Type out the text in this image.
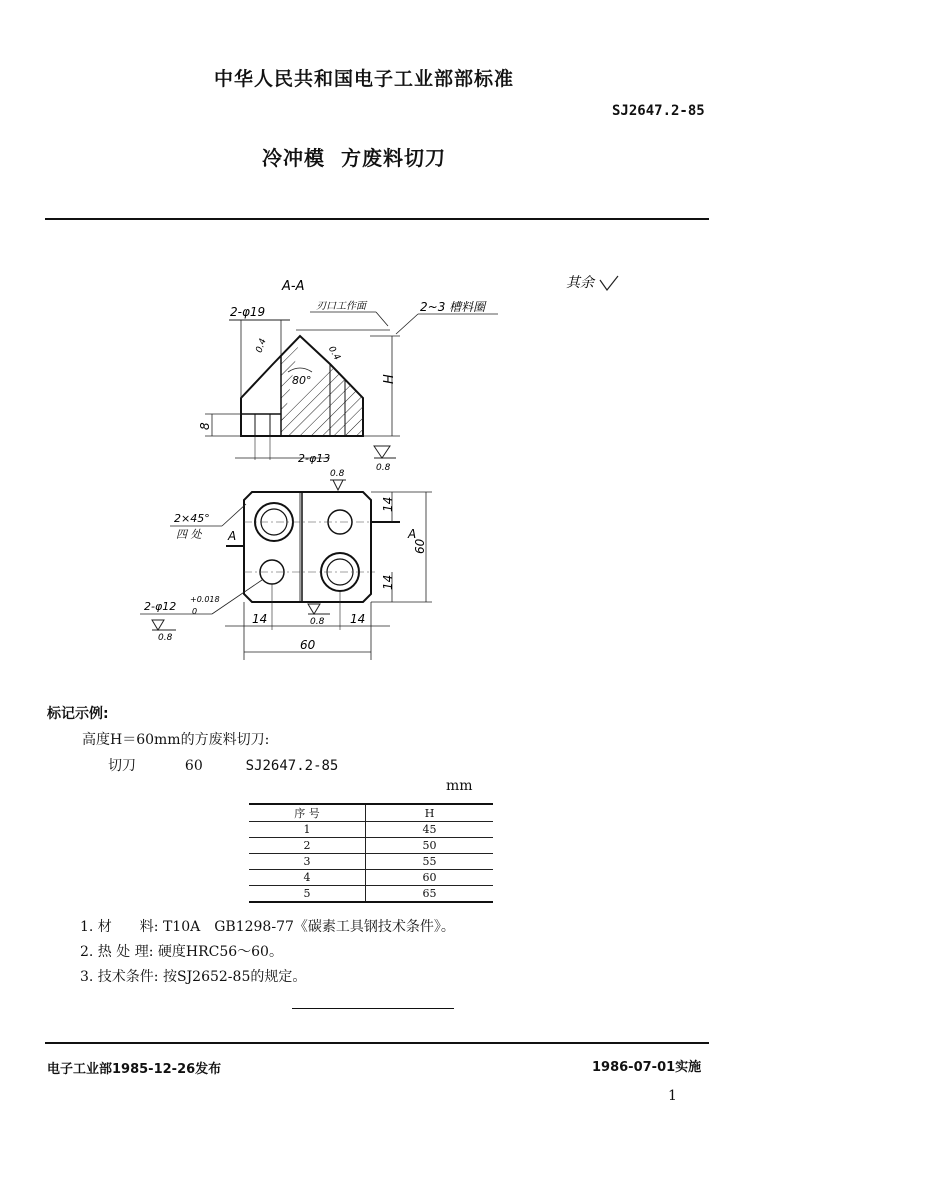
中华人民共和国电子工业部部标准
SJ2647.2-85
冷冲模 方废料切刀
A-A	其余
2-φ19	刃口工作面	2~3 槽料圈
0.4	0.4
80°	H
8
2-φ13
0.8
0.8
2×45°
四 处 A	A
14
60
14
2-φ12
+0.018
0
0.8
0.8
14	14
60
标记示例:
高度H＝60mm的方废料切刀:
切刀	60	SJ2647.2-85
mm
序 号	H
1	45
2	50
3	55
4	60
5	65
1. 材　　料: T10A　GB1298-77《碳素工具钢技术条件》。
2. 热 处 理: 硬度HRC56～60。
3. 技术条件: 按SJ2652-85的规定。
电子工业部1985-12-26发布	1986-07-01实施
1
